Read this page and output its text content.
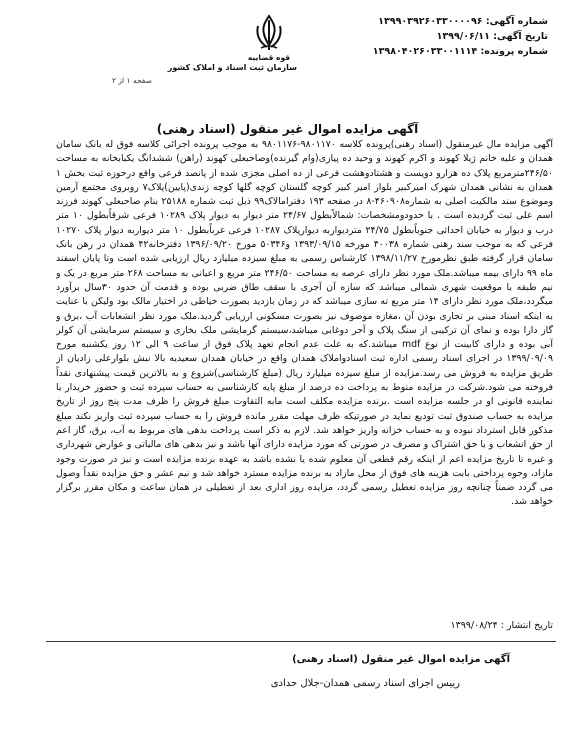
شماره آگهی: ۱۳۹۹۰۳۹۲۶۰۳۳۰۰۰۰۹۶
تاریخ آگهی: ۱۳۹۹/۰۶/۱۱
شماره پرونده: ۱۳۹۸۰۴۰۲۶۰۳۳۰۰۱۱۱۴
قوه قضاییه
سازمان ثبت اسناد و املاک کشور
صفحه ۱ از ۲
آگهی مزایده اموال غیر منقول (اسناد رهنی)

آگهی مزایده مال غیرمنقول (اسناد رهنی)پرونده کلاسه ۹۸۰۱۱۷۰-۹۸۰۱۱۷۶ به موجب پرونده اجرائی کلاسه فوق له بانک سامان همدان و علیه خانم ژیلا کهوند و اکرم کهوند و وحید ده پیازی(وام گیرنده)وصاحبعلی کهوند (راهن) ششدانگ یکبابخانه به مساحت ۲۴۶/۵۰مترمربع پلاک ده هزارو دویست و هشتادوهشت فرعی از ده اصلی مجزی شده از پانصد فرعی واقع درحوزه ثبت بخش ۱ همدان به نشانی همدان شهرک امیرکبیر بلوار امیر کبیر کوچه گلستان کوچه گلها کوچه زندی(پایین)پلاک۷ روبروی مجتمع آرمین وموضوع سند مالکیت اصلی به شماره۴۶۰۹۰۸-۸ در صفحه ۱۹۳ دفترامالاک۹۹ ذیل ثبت شماره ۲۵۱۸۸ بنام صاحبعلی کهوند فرزند اسم علی ثبت گردیده است . با حدودومشخصات: شمالاًبطول ۲۴/۶۷ متر دیوار به دیوار پلاک ۱۰۲۸۹ فرعی شرقاًبطول ۱۰ متر درب و دیوار به خیابان احداثی جنوباًبطول ۲۴/۷۵ متردیواربه دیوارپلاک ۱۰۲۸۷ فرعی غرباًبطول ۱۰ متر دیواربه دیوار پلاک ۱۰۲۷۰ فرعی که به موجب سند رهنی شماره ۴۰۰۳۸ مورخه ۱۳۹۳/۰۹/۱۵ و۵۰۳۴۶ مورخ ۱۳۹۶/۰۹/۲۰ دفترخانه۴۲ همدان در رهن بانک سامان قرار گرفته طبق نظرمورخ ۱۳۹۸/۱۱/۲۷ کارشناس رسمی به مبلغ سیزده میلیارد ریال ارزیابی شده است وتا پایان اسفند ماه ۹۹ دارای بیمه میباشد.ملک مورد نظر دارای عرصه به مساحت ۲۴۶/۵۰ متر مربع و اعیانی به مساحت ۲۶۸ متر مربع در یک و نیم طبقه با موقعیت شهری شمالی میباشد که سازه آن آجری با سقف طاق ضربی بوده و قدمت آن حدود ۳۰سال برآورد میگردد،ملک مورد نظر دارای ۱۴ متر مربع ته سازی میباشد که در زمان بازدید بصورت خیاطی در اختیار مالک بود ولیکن با عنایت به اینکه اسناد مبنی بر تجاری بودن آن ،مغازه موصوف نیز بصورت مسکونی ارزیابی گردید.ملک مورد نظر انشعابات آب ،برق و گاز دارا بوده و نمای آن ترکیبی از سنگ پلاک و آجر دوغابی میباشد،سیستم گرمایشی ملک بخاری و سیستم سرمایشی آن کولر آبی بوده و دارای کابینت از نوع mdf میباشد.که به علت عدم انجام تعهد پلاک فوق از ساعت ۹ الی ۱۲ روز یکشنبه مورخ ۱۳۹۹/۰۹/۰۹ در اجرای اسناد رسمی اداره ثبت اسنادواملاک همدان واقع در خیابان همدان سعیدیه بالا نبش بلوارعلی زادیان از طریق مزایده به فروش می رسد.مزایده از مبلغ سیزده میلیارد ریال (مبلغ کارشناسی)شروع و به بالاترین قیمت پیشنهادی نقداً فروخته می شود.شرکت در مزایده منوط به پرداخت ده درصد از مبلغ پایه کارشناسی به حساب سپرده ثبت و حضور خریدار یا نماینده قانونی او در جلسه مزایده است .برنده مزایده مکلف است مابه التفاوت مبلغ فروش را ظرف مدت پنج روز از تاریخ مزایده به حساب صندوق ثبت تودیع نماید در صورتیکه ظرف مهلت مقرر مانده فروش را به حساب سپرده ثبت واریز نکند مبلغ مذکور قابل استرداد نبوده و به حساب خزانه واریز خواهد شد. لازم به ذکر است پرداخت بدهی های مربوط به آب، برق، گاز اعم از حق انشعاب و یا حق اشتراک و مصرف در صورتی که مورد مزایده دارای آنها باشد و نیز بدهی های مالیاتی و عوارض شهرداری و غیره تا تاریخ مزایده اعم از اینکه رقم قطعی آن معلوم شده یا نشده باشد به عهده برنده مزایده است و نیز در صورت وجود مازاد، وجوه پرداختی بابت هزینه های فوق از محل مازاد به برنده مزایده مسترد خواهد شد و نیم عشر و حق مزایده نقداً وصول می گردد ضمناً چنانچه روز مزایده تعطیل رسمی گردد، مزایده روز اداری بعد از تعطیلی در همان ساعت و مکان مقرر برگزار خواهد شد.

تاریخ انتشار : ۱۳۹۹/۰۸/۲۴
آگهی مزایده اموال غیر منقول (اسناد رهنی)
رییس اجرای اسناد رسمی همدان-جلال حدادی
